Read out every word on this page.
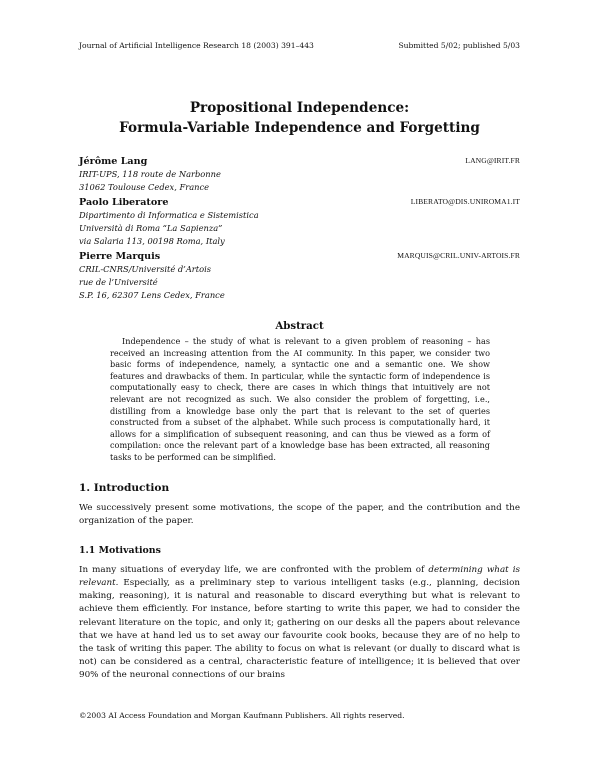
Journal of Artificial Intelligence Research 18 (2003) 391–443	Submitted 5/02; published 5/03
Propositional Independence:
Formula-Variable Independence and Forgetting
Jérôme Lang	LANG@IRIT.FR
IRIT-UPS, 118 route de Narbonne
31062 Toulouse Cedex, France
Paolo Liberatore	LIBERATO@DIS.UNIROMA1.IT
Dipartimento di Informatica e Sistemistica
Università di Roma “La Sapienza”
via Salaria 113, 00198 Roma, Italy
Pierre Marquis	MARQUIS@CRIL.UNIV-ARTOIS.FR
CRIL-CNRS/Université d’Artois
rue de l’Université
S.P. 16, 62307 Lens Cedex, France
Abstract

Independence – the study of what is relevant to a given problem of reasoning – has received an increasing attention from the AI community. In this paper, we consider two basic forms of independence, namely, a syntactic one and a semantic one. We show features and drawbacks of them. In particular, while the syntactic form of independence is computationally easy to check, there are cases in which things that intuitively are not relevant are not recognized as such. We also consider the problem of forgetting, i.e., distilling from a knowledge base only the part that is relevant to the set of queries constructed from a subset of the alphabet. While such process is computationally hard, it allows for a simplification of subsequent reasoning, and can thus be viewed as a form of compilation: once the relevant part of a knowledge base has been extracted, all reasoning tasks to be performed can be simplified.

1. Introduction

We successively present some motivations, the scope of the paper, and the contribution and the organization of the paper.

1.1 Motivations

In many situations of everyday life, we are confronted with the problem of determining what is relevant. Especially, as a preliminary step to various intelligent tasks (e.g., planning, decision making, reasoning), it is natural and reasonable to discard everything but what is relevant to achieve them efficiently. For instance, before starting to write this paper, we had to consider the relevant literature on the topic, and only it; gathering on our desks all the papers about relevance that we have at hand led us to set away our favourite cook books, because they are of no help to the task of writing this paper. The ability to focus on what is relevant (or dually to discard what is not) can be considered as a central, characteristic feature of intelligence; it is believed that over 90% of the neuronal connections of our brains

©2003 AI Access Foundation and Morgan Kaufmann Publishers. All rights reserved.
